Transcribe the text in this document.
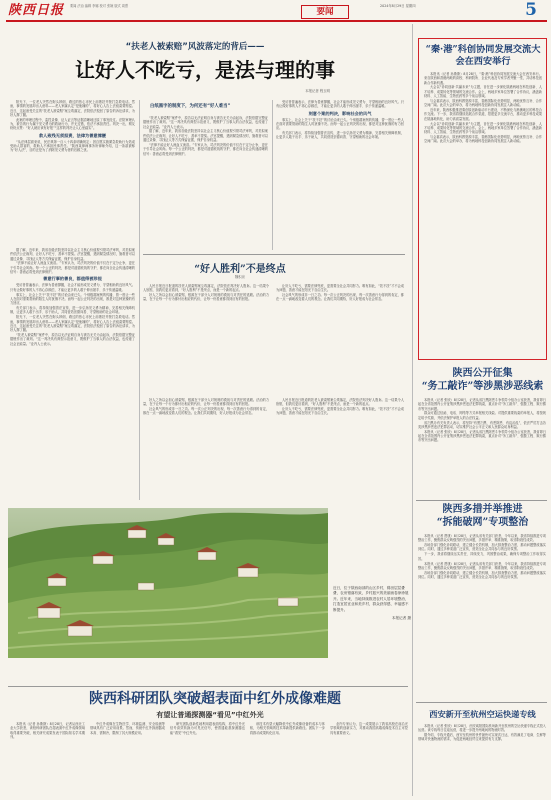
陕西日报	要闻 法治 编辑 李娜 校对 张婉 版式 周熹
要闻
2024年8月29日 星期四	5
“扶老人被索赔”风波落定的背后——
让好人不吃亏，是法与理的事
本报记者 程玉明

阳光下，一位老人突然在街头摔倒，路过的热心市民上前搀扶并拨打急救电话。然而，事情的发展却出人意料——老人家属认定“是他撞的”，将好心人告上法庭索要赔偿。近日，这起备受关注的“扶老人被索赔”案尘埃落定，法院依法驳回了原告的诉讼请求，为好人撑了腰。

此案的审理过程中，监控录像、证人证言等证据清晰地还原了事发经过。法院审理认为，被告的行为属于见义勇为的救助行为，并无过错，依法不承担责任。判决一出，网友纷纷点赞：“好人就应该有好报”“这样的判决让人心里踏实”。

救人致残无须担责，法律为善意撑腰

“从法律层面来说，民法典第一百八十四条明确规定：因自愿实施紧急救助行为造成受助人损害的，救助人不承担民事责任。”陕西某律师事务所律师介绍，这一条款被称为“好人法”，目的正是为了消除见义勇为者的后顾之忧。

据了解，近年来，我省各级法院坚持以社会主义核心价值观引领司法审判，对类似案件依法公正裁判，让好人不吃亏、善举不蒙冤。法官提醒，遇到紧急情况时，施救者可以通过录像、寻找证人等方式保留证据，保护自身权益。

“法律不能让好人流血又流泪。”专家认为，司法判决的价值不仅在于定分止争，更在于引导社会风尚。每一个公正的判决，都是对道德底线的守护，都在向全社会传递清晰的信号：善意必将受到法律保护。

善意行事的善良，都值得被珍视

受访者普遍表示，法律为善意撑腰，社会才能形成见义勇为、守望相助的良好风气。只有让做好事的人不再心存顾虑，才能让更多的人敢于伸出援手、乐于传递温暖。

事实上，社会上关于“扶不扶”的讨论由来已久。个别极端案例的传播，曾一度让一些人在面对需要帮助的陌生人时犹豫不决。而每一起公正判决的出现，都是对这种犹豫的有力回应。

有关部门表示，将持续加强普法宣传，进一步弘扬见义勇为精神，完善相关保障机制，让更多人敢于出手、乐于助人，共同营造崇德向善、守望相助的社会环境。

阳光下，一位老人突然在街头摔倒，路过的热心市民上前搀扶并拨打急救电话。然而，事情的发展却出人意料——老人家属认定“是他撞的”，将好心人告上法庭索要赔偿。近日，这起备受关注的“扶老人被索赔”案尘埃落定，法院依法驳回了原告的诉讼请求，为好人撑了腰。

“扶老人被索赔”案件中，原告以无法证明自身与被告无关为由起诉，法院依据完整证据链作出了裁判。“这一判决具有典型示范意义，既维护了当事人的合法权益，也传递了社会正能量。”业内人士表示。

白纸黑字的制度下，为何还有“好人难当”

“扶老人被索赔”案件中，原告以无法证明自身与被告无关为由起诉，法院依据完整证据链作出了裁判。“这一判决具有典型示范意义，既维护了当事人的合法权益，也传递了社会正能量。”业内人士表示。

据了解，近年来，我省各级法院坚持以社会主义核心价值观引领司法审判，对类似案件依法公正裁判，让好人不吃亏、善举不蒙冤。法官提醒，遇到紧急情况时，施救者可以通过录像、寻找证人等方式保留证据，保护自身权益。

“法律不能让好人流血又流泪。”专家认为，司法判决的价值不仅在于定分止争，更在于引导社会风尚。每一个公正的判决，都是对道德底线的守护，都在向全社会传递清晰的信号：善意必将受到法律保护。

受访者普遍表示，法律为善意撑腰，社会才能形成见义勇为、守望相助的良好风气。只有让做好事的人不再心存顾虑，才能让更多的人敢于伸出援手、乐于传递温暖。

刻意个案的判决，影响社会的风气

事实上，社会上关于“扶不扶”的讨论由来已久。个别极端案例的传播，曾一度让一些人在面对需要帮助的陌生人时犹豫不决。而每一起公正判决的出现，都是对这种犹豫的有力回应。

有关部门表示，将持续加强普法宣传，进一步弘扬见义勇为精神，完善相关保障机制，让更多人敢于出手、乐于助人，共同营造崇德向善、守望相助的社会环境。

“好人胜利”不是终点
魏积泉

人民日报近日报道的扶老人被索赔案尘埃落定，法院依法判决好人胜诉。这一结果令人欣慰，但我们更应看到，“好人胜利”不是终点，而是一个新的起点。

好人之所以会担心被索赔，根源在于部分人对规则的漠视与对责任的逃避。法治的力量，在于让每一个行为都付出相应的代价，让每一份善意都得到应有的回报。

让好人不吃亏，需要法律兜底，更需要全社会共同努力。唯有如此，“扶不扶”才不会成为问题，善意才能在阳光下自由生长。

社会风气的形成非一日之功。每一次公正判决的出现，每一次善意行为得到的肯定，都在一点一滴地改变着人们的观念。让我们共同期待，好人好报成为社会常态。

好人之所以会担心被索赔，根源在于部分人对规则的漠视与对责任的逃避。法治的力量，在于让每一个行为都付出相应的代价，让每一份善意都得到应有的回报。

社会风气的形成非一日之功。每一次公正判决的出现，每一次善意行为得到的肯定，都在一点一滴地改变着人们的观念。让我们共同期待，好人好报成为社会常态。

人民日报近日报道的扶老人被索赔案尘埃落定，法院依法判决好人胜诉。这一结果令人欣慰，但我们更应看到，“好人胜利”不是终点，而是一个新的起点。

让好人不吃亏，需要法律兜底，更需要全社会共同努力。唯有如此，“扶不扶”才不会成为问题，善意才能在阳光下自由生长。

近日，位于陕西南部的山区乡村，梯田层层叠叠，农房错落有致，乡村振兴的美丽画卷徐徐展开。近年来，当地持续推进农村人居环境整治，打造宜居宜业和美乡村，群众获得感、幸福感不断提升。
本报记者 摄
陕西科研团队突破超表面中红外成像难题
有望让普通探测器“看见”中红外光

本报讯（记者 孙斯斯）8月28日，记者从西北工业大学获悉，该校科研团队在超表面中红外成像领域取得重要突破，相关研究成果发表于国际知名学术期刊。

中红外成像在生物医学、环境监测、安全检测等领域具有广泛应用前景。然而，传统中红外探测器成本高、需制冷，限制了其大规模应用。

研究团队创新性地利用超表面结构，将中红外光信号高效转换为可见光信号，使普通硅基探测器也能“看见”中红外光。

该技术有望大幅降低中红外成像设备的成本与体积，为相关领域的技术革新提供新路径。团队下一步将推动成果转化应用。

业内专家认为，这一成果展示了我省高校在前沿光学领域的创新实力，对推动我国高端成像技术自主可控具有重要意义。

“秦·港”科创协同发展交流大会在西安举行

本报讯（记者 孙斯斯）8月28日，“秦·港”科创协同发展交流大会在西安举行。来自陕西和香港两地的高校、科研院所、企业代表及专家学者齐聚一堂，共话科技创新合作新机遇。

大会以“协同创新·共赢未来”为主题，旨在进一步深化陕港两地在科技创新、人才培养、成果转化等领域的交流合作。会上，两地多家单位签署了合作协议，涵盖新材料、人工智能、生物医药等多个前沿领域。

与会嘉宾表示，陕西科教资源丰富，香港国际化优势明显，两地优势互补、合作空间广阔。此次大会的举办，将为两地科技创新协同发展注入新动能。

近年来，陕西积极推进秦创原创新驱动平台建设，不断深化与港澳地区的科技合作交流。下一步，我省将继续拓展合作渠道，搭建更多交流平台，推动更多科技成果在陕落地转化，助力高质量发展。

大会以“协同创新·共赢未来”为主题，旨在进一步深化陕港两地在科技创新、人才培养、成果转化等领域的交流合作。会上，两地多家单位签署了合作协议，涵盖新材料、人工智能、生物医药等多个前沿领域。

与会嘉宾表示，陕西科教资源丰富，香港国际化优势明显，两地优势互补、合作空间广阔。此次大会的举办，将为两地科技创新协同发展注入新动能。

陕西公开征集
“务工敲诈”等涉黑涉恶线索

本报讯（记者 张欣）8月28日，记者从省扫黑除恶斗争领导小组办公室获悉，我省即日起在全省范围内公开征集涉黑涉恶违法犯罪线索，重点针对“务工敲诈”、强揽工程、欺行霸市等突出问题。

群众可通过信函、电话、网络等方式举报相关线索。对提供重要线索的举报人，将按规定给予奖励，并依法保护举报人的合法权益。

省扫黑办有关负责人表示，将坚持“有黑扫黑、有恶除恶、有乱治乱”，依法严厉打击各类涉黑涉恶违法犯罪活动，切实维护社会公平正义和人民群众切身利益。

本报讯（记者 张欣）8月28日，记者从省扫黑除恶斗争领导小组办公室获悉，我省即日起在全省范围内公开征集涉黑涉恶违法犯罪线索，重点针对“务工敲诈”、强揽工程、欺行霸市等突出问题。

陕西多措并举推进
“拆能破网”专项整治

本报讯（记者 贾康）8月28日，记者从省有关部门获悉，今年以来，我省持续推进专项整治工作，聚焦群众反映强烈的突出问题，多措并举、精准施策，取得阶段性成效。

各地各部门强化协同联动，建立健全长效机制，加大排查整治力度，推动问题整改落实到位。同时，通过多种渠道广泛宣传，营造全社会共同参与的良好氛围。

下一步，我省将继续压实责任、持续发力，巩固整治成果，确保专项整治工作取得实效。

本报讯（记者 贾康）8月28日，记者从省有关部门获悉，今年以来，我省持续推进专项整治工作，聚焦群众反映强烈的突出问题，多措并举、精准施策，取得阶段性成效。

各地各部门强化协同联动，建立健全长效机制，加大排查整治力度，推动问题整改落实到位。同时，通过多种渠道广泛宣传，营造全社会共同参与的良好氛围。

西安新开至杭州空运快递专线

本报讯（记者 张欣）8月28日，西安咸阳国际机场新开至杭州的空运快递专线正式投入运营。该专线每日往返运营，将进一步提升两地间的物流时效。

据介绍，专线开通后，西安至杭州的快件最快可实现次日达，有效满足了电商、生鲜等领域对快速物流的需求，为促进两地经贸往来提供有力支撑。
